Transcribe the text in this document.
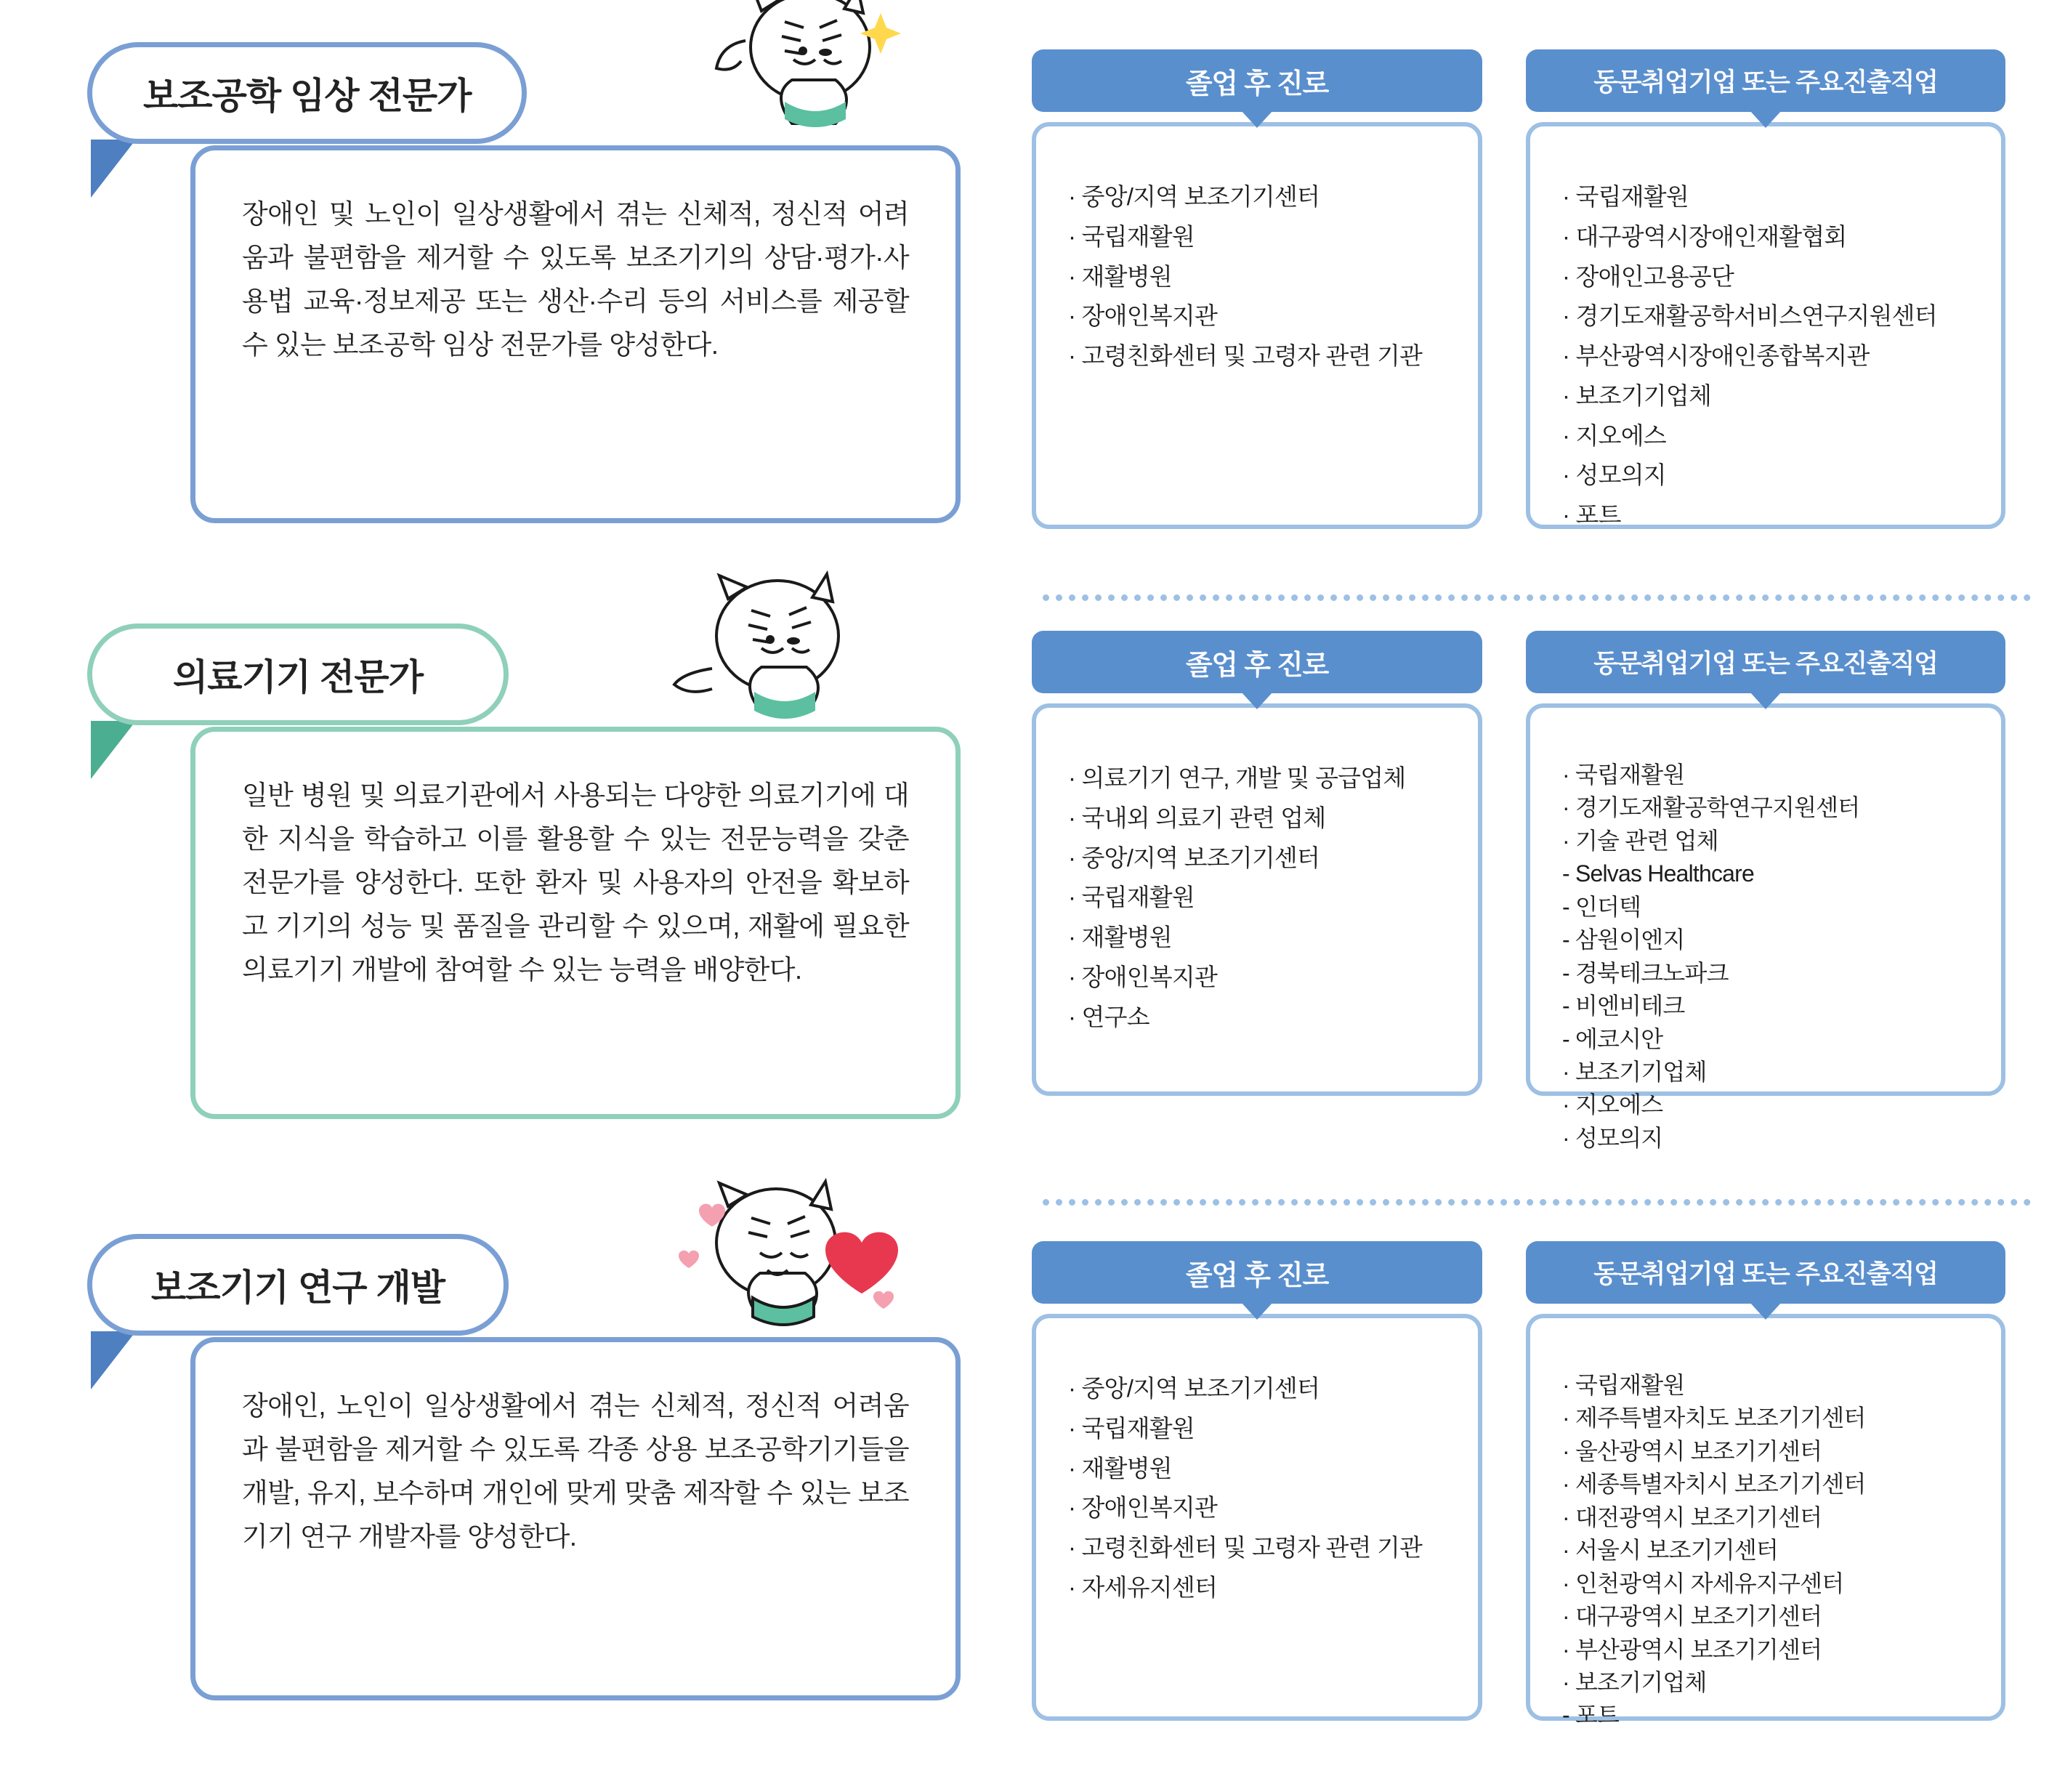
보조공학 임상 전문가

장애인 및 노인이 일상생활에서 겪는 신체적, 정신적 어려움과 불편함을 제거할 수 있도록 보조기기의 상담·평가·사용법 교육·정보제공 또는 생산·수리 등의 서비스를 제공할 수 있는 보조공학 임상 전문가를 양성한다.

졸업 후 진로
· 중앙/지역 보조기기센터
· 국립재활원
· 재활병원
· 장애인복지관
· 고령친화센터 및 고령자 관련 기관
동문취업기업 또는 주요진출직업
· 국립재활원
· 대구광역시장애인재활협회
· 장애인고용공단
· 경기도재활공학서비스연구지원센터
· 부산광역시장애인종합복지관
· 보조기기업체
· 지오에스
· 성모의지
· 포트
의료기기 전문가

일반 병원 및 의료기관에서 사용되는 다양한 의료기기에 대한 지식을 학습하고 이를 활용할 수 있는 전문능력을 갖춘 전문가를 양성한다. 또한 환자 및 사용자의 안전을 확보하고 기기의 성능 및 품질을 관리할 수 있으며, 재활에 필요한 의료기기 개발에 참여할 수 있는 능력을 배양한다.

졸업 후 진로
· 의료기기 연구, 개발 및 공급업체
· 국내외 의료기 관련 업체
· 중앙/지역 보조기기센터
· 국립재활원
· 재활병원
· 장애인복지관
· 연구소
동문취업기업 또는 주요진출직업
· 국립재활원
· 경기도재활공학연구지원센터
· 기술 관련 업체
- Selvas Healthcare
- 인더텍
- 삼원이엔지
- 경북테크노파크
- 비엔비테크
- 에코시안
· 보조기기업체
· 지오에스
· 성모의지
보조기기 연구 개발

장애인, 노인이 일상생활에서 겪는 신체적, 정신적 어려움과 불편함을 제거할 수 있도록 각종 상용 보조공학기기들을 개발, 유지, 보수하며 개인에 맞게 맞춤 제작할 수 있는 보조기기 연구 개발자를 양성한다.

졸업 후 진로
· 중앙/지역 보조기기센터
· 국립재활원
· 재활병원
· 장애인복지관
· 고령친화센터 및 고령자 관련 기관
· 자세유지센터
동문취업기업 또는 주요진출직업
· 국립재활원
· 제주특별자치도 보조기기센터
· 울산광역시 보조기기센터
· 세종특별자치시 보조기기센터
· 대전광역시 보조기기센터
· 서울시 보조기기센터
· 인천광역시 자세유지구센터
· 대구광역시 보조기기센터
· 부산광역시 보조기기센터
· 보조기기업체
- 포트
